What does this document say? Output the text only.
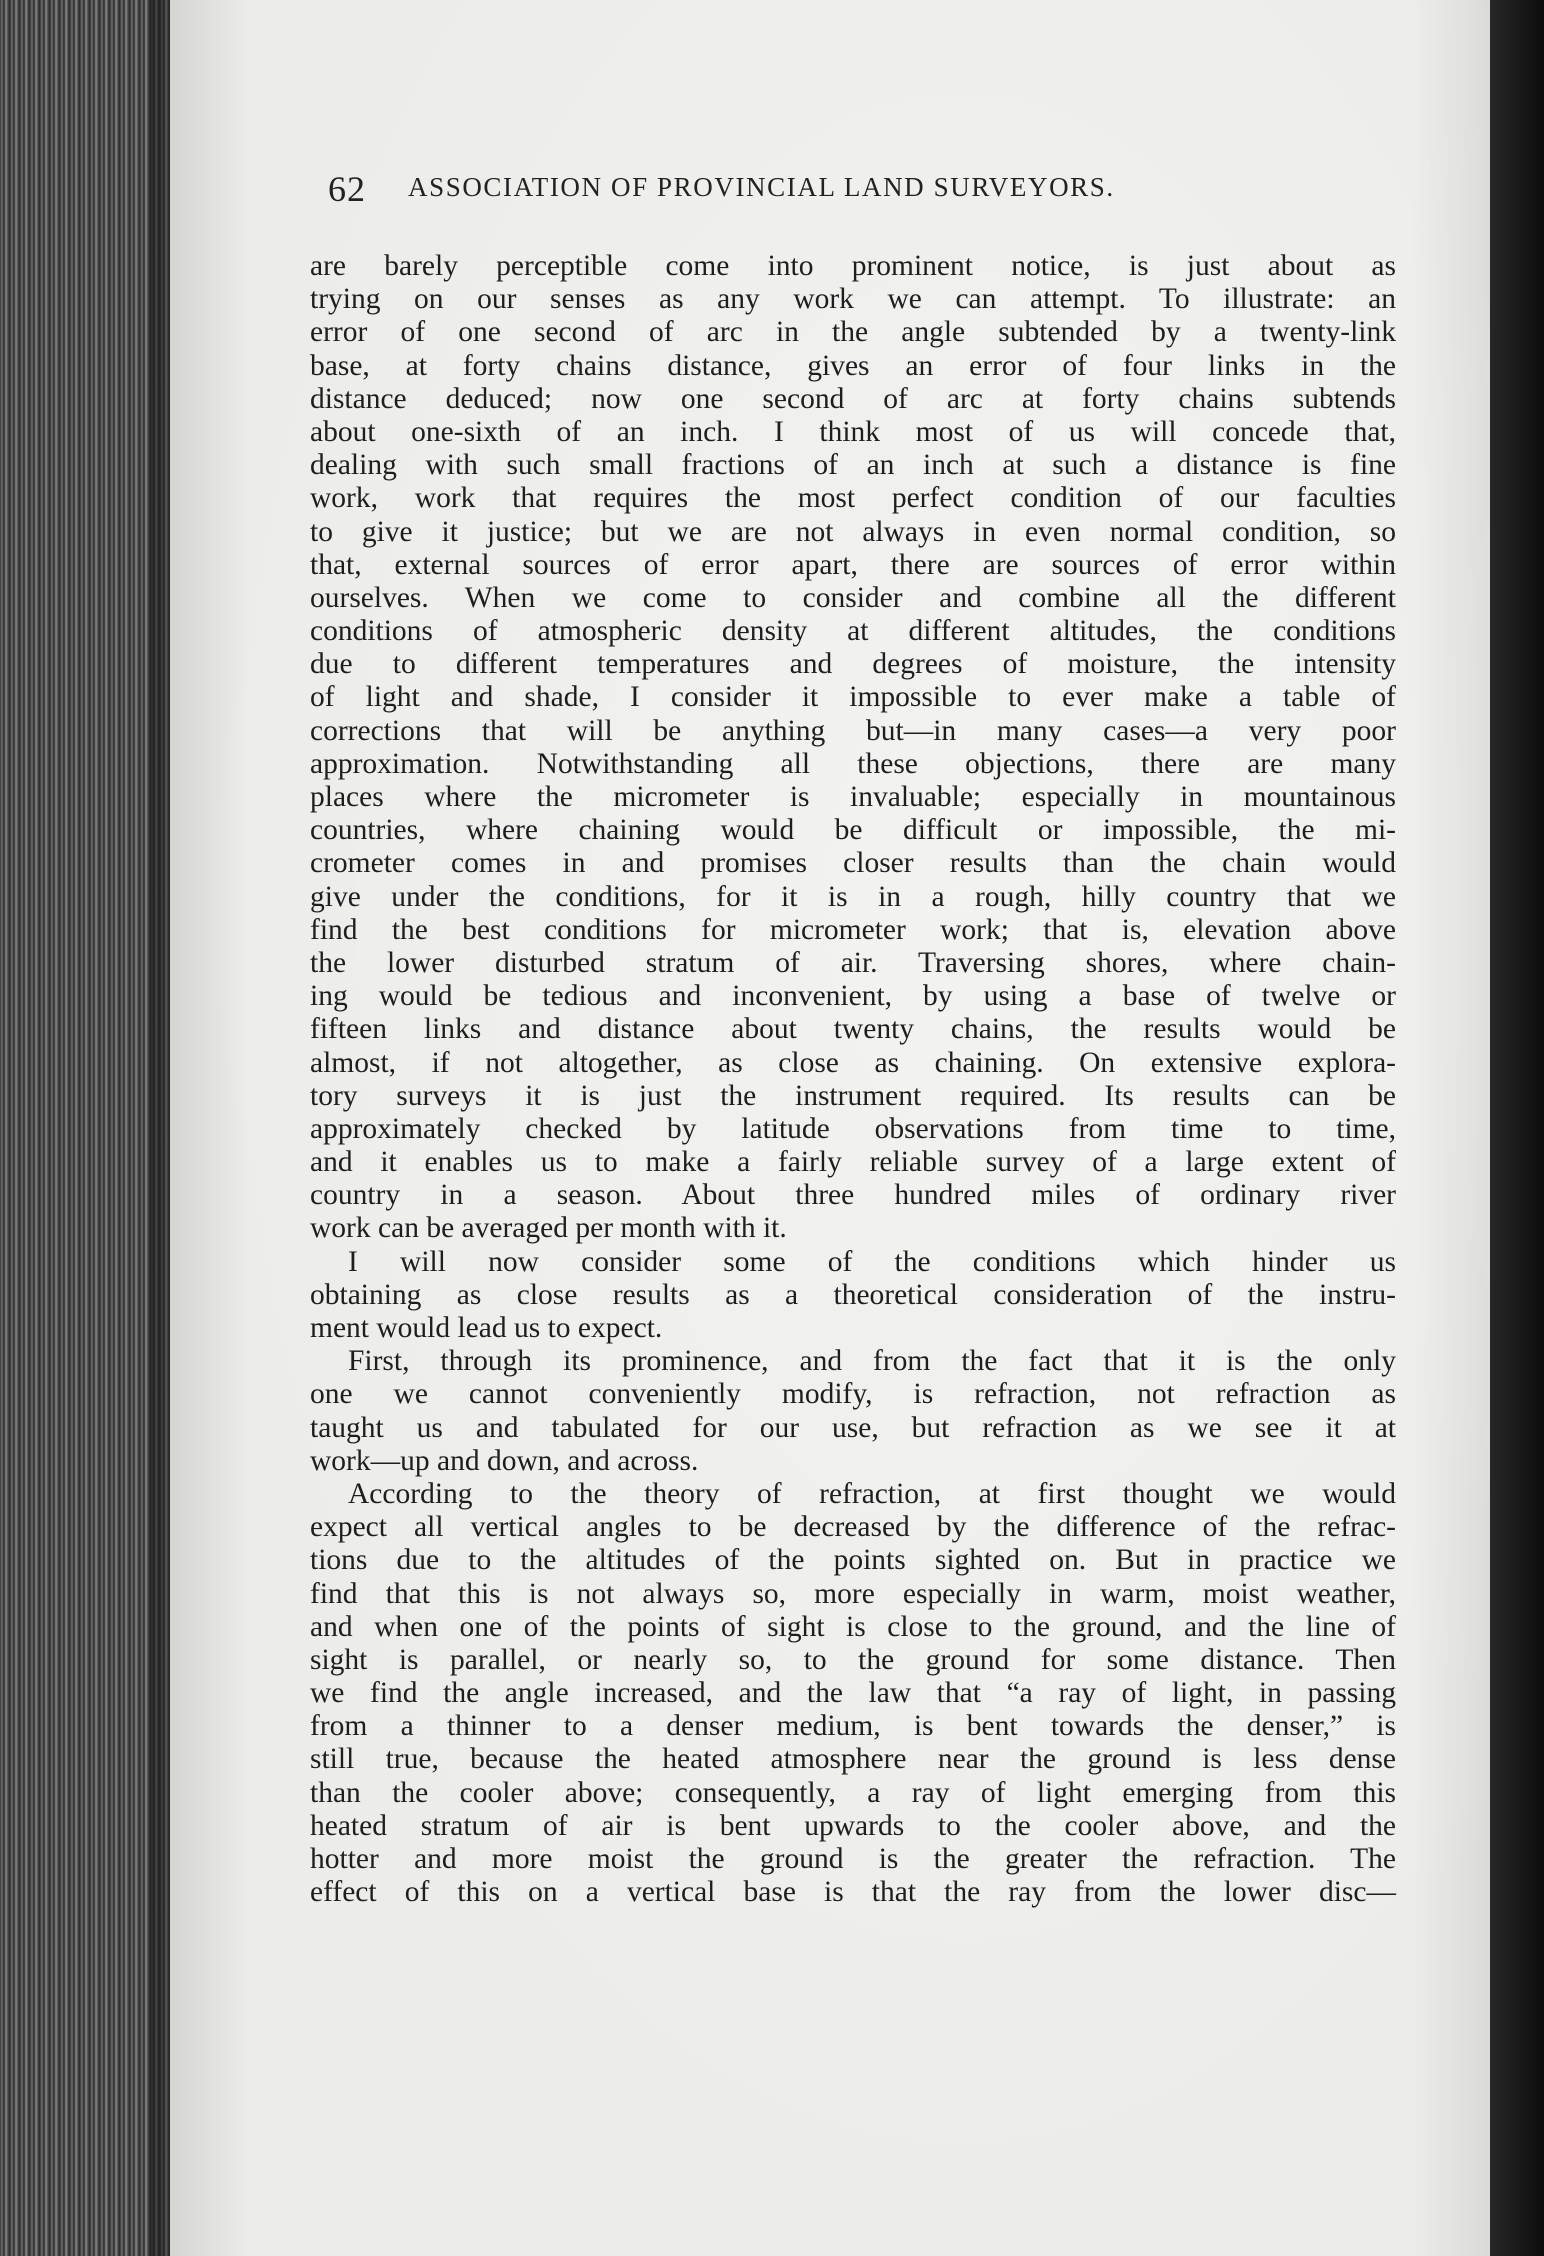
62 ASSOCIATION OF PROVINCIAL LAND SURVEYORS.
are barely perceptible come into prominent notice, is just about as
trying on our senses as any work we can attempt. To illustrate: an
error of one second of arc in the angle subtended by a twenty-link
base, at forty chains distance, gives an error of four links in the
distance deduced; now one second of arc at forty chains subtends
about one-sixth of an inch. I think most of us will concede that,
dealing with such small fractions of an inch at such a distance is fine
work, work that requires the most perfect condition of our faculties
to give it justice; but we are not always in even normal condition, so
that, external sources of error apart, there are sources of error within
ourselves. When we come to consider and combine all the different
conditions of atmospheric density at different altitudes, the conditions
due to different temperatures and degrees of moisture, the intensity
of light and shade, I consider it impossible to ever make a table of
corrections that will be anything but—in many cases—a very poor
approximation. Notwithstanding all these objections, there are many
places where the micrometer is invaluable; especially in mountainous
countries, where chaining would be difficult or impossible, the mi-
crometer comes in and promises closer results than the chain would
give under the conditions, for it is in a rough, hilly country that we
find the best conditions for micrometer work; that is, elevation above
the lower disturbed stratum of air. Traversing shores, where chain-
ing would be tedious and inconvenient, by using a base of twelve or
fifteen links and distance about twenty chains, the results would be
almost, if not altogether, as close as chaining. On extensive explora-
tory surveys it is just the instrument required. Its results can be
approximately checked by latitude observations from time to time,
and it enables us to make a fairly reliable survey of a large extent of
country in a season. About three hundred miles of ordinary river
work can be averaged per month with it.
I will now consider some of the conditions which hinder us
obtaining as close results as a theoretical consideration of the instru-
ment would lead us to expect.
First, through its prominence, and from the fact that it is the only
one we cannot conveniently modify, is refraction, not refraction as
taught us and tabulated for our use, but refraction as we see it at
work—up and down, and across.
According to the theory of refraction, at first thought we would
expect all vertical angles to be decreased by the difference of the refrac-
tions due to the altitudes of the points sighted on. But in practice we
find that this is not always so, more especially in warm, moist weather,
and when one of the points of sight is close to the ground, and the line of
sight is parallel, or nearly so, to the ground for some distance. Then
we find the angle increased, and the law that “a ray of light, in passing
from a thinner to a denser medium, is bent towards the denser,” is
still true, because the heated atmosphere near the ground is less dense
than the cooler above; consequently, a ray of light emerging from this
heated stratum of air is bent upwards to the cooler above, and the
hotter and more moist the ground is the greater the refraction. The
effect of this on a vertical base is that the ray from the lower disc—
